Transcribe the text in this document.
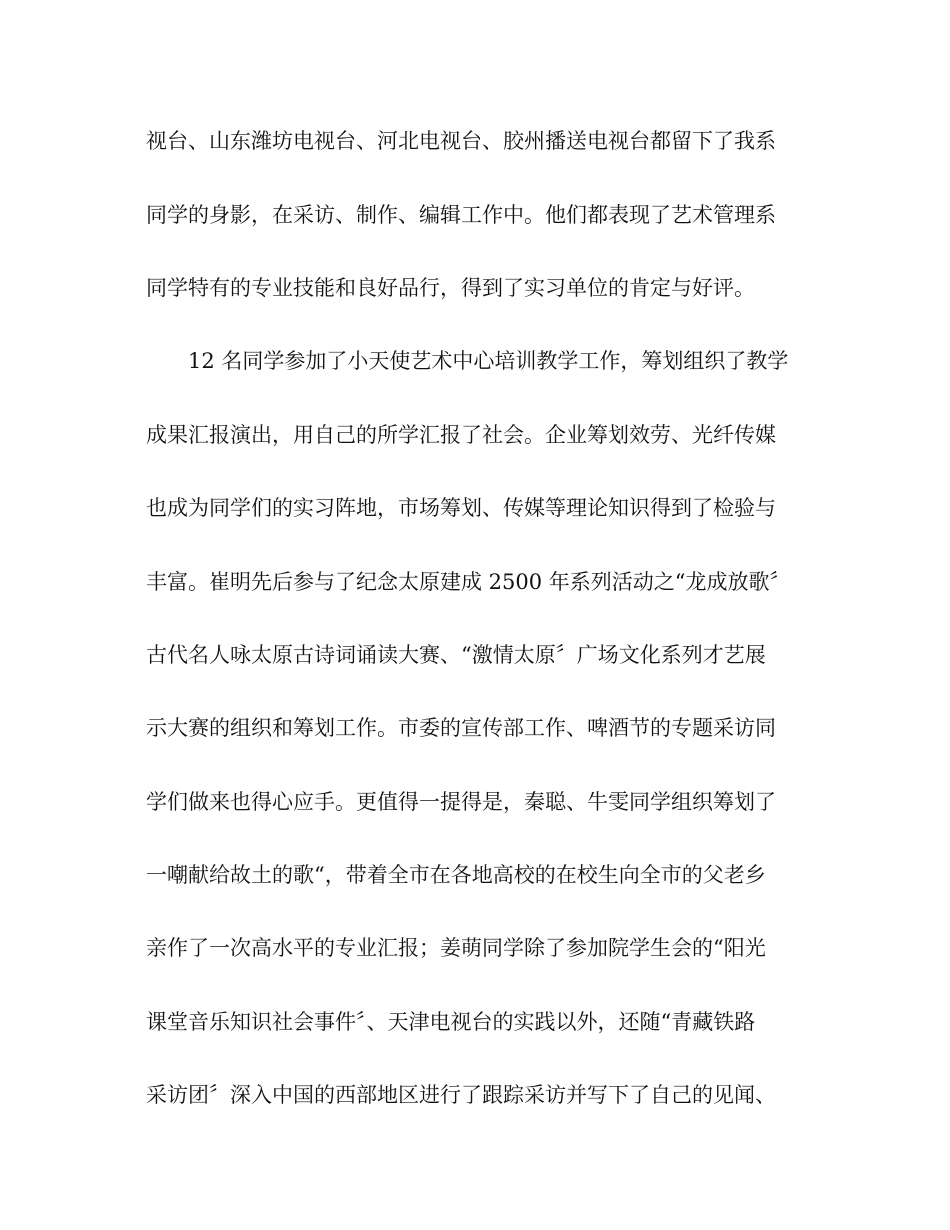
视台、山东潍坊电视台、河北电视台、胶州播送电视台都留下了我系
同学的身影，在采访、制作、编辑工作中。他们都表现了艺术管理系
同学特有的专业技能和良好品行，得到了实习单位的肯定与好评。
12 名同学参加了小天使艺术中心培训教学工作，筹划组织了教学
成果汇报演出，用自己的所学汇报了社会。企业筹划效劳、光纤传媒
也成为同学们的实习阵地，市场筹划、传媒等理论知识得到了检验与
丰富。崔明先后参与了纪念太原建成 2500 年系列活动之“龙成放歌〞
古代名人咏太原古诗词诵读大赛、“激情太原〞广场文化系列才艺展
示大赛的组织和筹划工作。市委的宣传部工作、啤酒节的专题采访同
学们做来也得心应手。更值得一提得是，秦聪、牛雯同学组织筹划了
一嘲献给故土的歌“，带着全市在各地高校的在校生向全市的父老乡
亲作了一次高水平的专业汇报；姜萌同学除了参加院学生会的“阳光
课堂音乐知识社会事件〞、天津电视台的实践以外，还随“青藏铁路
采访团〞深入中国的西部地区进行了跟踪采访并写下了自己的见闻、
